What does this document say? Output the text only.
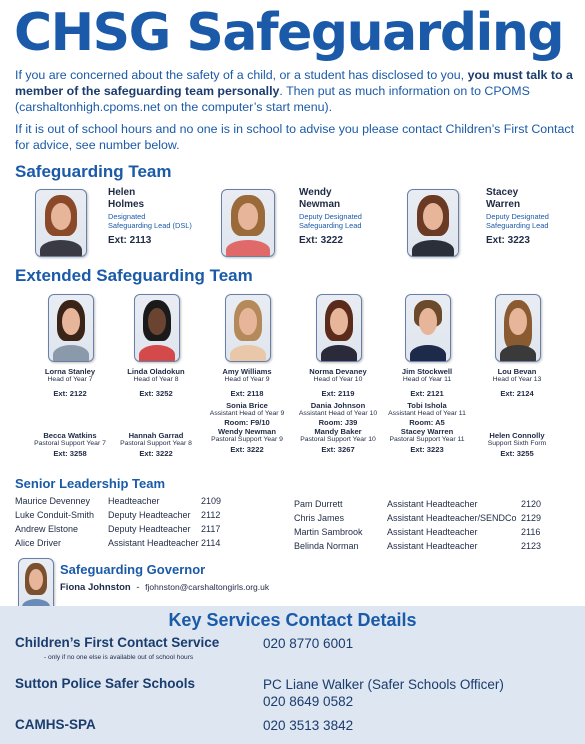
CHSG Safeguarding
If you are concerned about the safety of a child, or a student has disclosed to you, you must talk to a member of the safeguarding team personally. Then put as much information on to CPOMS (carshaltonhigh.cpoms.net on the computer’s start menu).
If it is out of school hours and no one is in school to advise you please contact Children’s First Contact for advice, see number below.
Safeguarding Team
Helen
Holmes
Designated
Safeguarding Lead (DSL)
Ext: 2113
Wendy
Newman
Deputy Designated
Safeguarding Lead
Ext: 3222
Stacey
Warren
Deputy Designated
Safeguarding Lead
Ext: 3223
Extended Safeguarding Team
Lorna Stanley
Head of Year 7
Ext: 2122
Becca Watkins
Pastoral Support Year 7
Ext: 3258
Linda Oladokun
Head of Year 8
Ext: 3252
Hannah Garrad
Pastoral Support Year 8
Ext: 3222
Amy Williams
Head of Year 9
Ext: 2118
Sonia Brice
Assistant Head of Year 9
Room: F9/10
Wendy Newman
Pastoral Support Year 9
Ext: 3222
Norma Devaney
Head of Year 10
Ext: 2119
Dania Johnson
Assistant Head of Year 10
Room: J39
Mandy Baker
Pastoral Support Year 10
Ext: 3267
Jim Stockwell
Head of Year 11
Ext: 2121
Tobi Ishola
Assistant Head of Year 11
Room: A5
Stacey Warren
Pastoral Support Year 11
Ext: 3223
Lou Bevan
Head of Year 13
Ext: 2124
Helen Connolly
Support Sixth Form
Ext: 3255
Senior Leadership Team
Maurice Devenney
Luke Conduit-Smith
Andrew Elstone
Alice Driver
Headteacher
Deputy Headteacher
Deputy Headteacher
Assistant Headteacher
2109
2112
2117
2114
Pam Durrett
Chris James
Martin Sambrook
Belinda Norman
Assistant Headteacher
Assistant Headteacher/SENDCo
Assistant Headteacher
Assistant Headteacher
2120
2129
2116
2123
Safeguarding Governor
Fiona Johnston - fjohnston@carshaltongirls.org.uk
Key Services Contact Details
Children’s First Contact Service
- only if no one else is available out of school hours
020 8770 6001
Sutton Police Safer Schools	PC Liane Walker (Safer Schools Officer)
020 8649 0582
CAMHS-SPA	020 3513 3842
